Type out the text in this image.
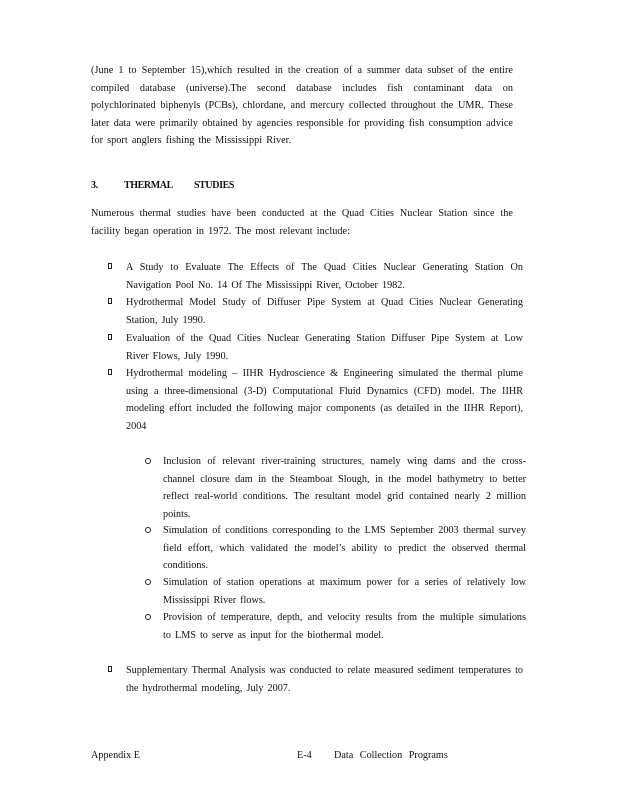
(June 1 to September 15),which resulted in the creation of a summer data subset of the entire compiled database (universe).The second database includes fish contaminant data on polychlorinated biphenyls (PCBs), chlordane, and mercury collected throughout the UMR. These later data were primarily obtained by agencies responsible for providing fish consumption advice for sport anglers fishing the Mississippi River.

3.	THERMAL	STUDIES

Numerous thermal studies have been conducted at the Quad Cities Nuclear Station since the facility began operation in 1972. The most relevant include:

A Study to Evaluate The Effects of The Quad Cities Nuclear Generating Station On Navigation Pool No. 14 Of The Mississippi River, October 1982.
Hydrothermal Model Study of Diffuser Pipe System at Quad Cities Nuclear Generating Station, July 1990.
Evaluation of the Quad Cities Nuclear Generating Station Diffuser Pipe System at Low River Flows, July 1990.
Hydrothermal modeling – IIHR Hydroscience & Engineering simulated the thermal plume using a three-dimensional (3-D) Computational Fluid Dynamics (CFD) model. The IIHR modeling effort included the following major components (as detailed in the IIHR Report), 2004
Inclusion of relevant river-training structures, namely wing dams and the cross-channel closure dam in the Steamboat Slough, in the model bathymetry to better reflect real-world conditions. The resultant model grid contained nearly 2 million points.
Simulation of conditions corresponding to the LMS September 2003 thermal survey field effort, which validated the model’s ability to predict the observed thermal conditions.
Simulation of station operations at maximum power for a series of relatively low Mississippi River flows.
Provision of temperature, depth, and velocity results from the multiple simulations to LMS to serve as input for the biothermal model.
Supplementary Thermal Analysis was conducted to relate measured sediment temperatures to the hydrothermal modeling, July 2007.
Appendix E	E-4 Data Collection Programs
